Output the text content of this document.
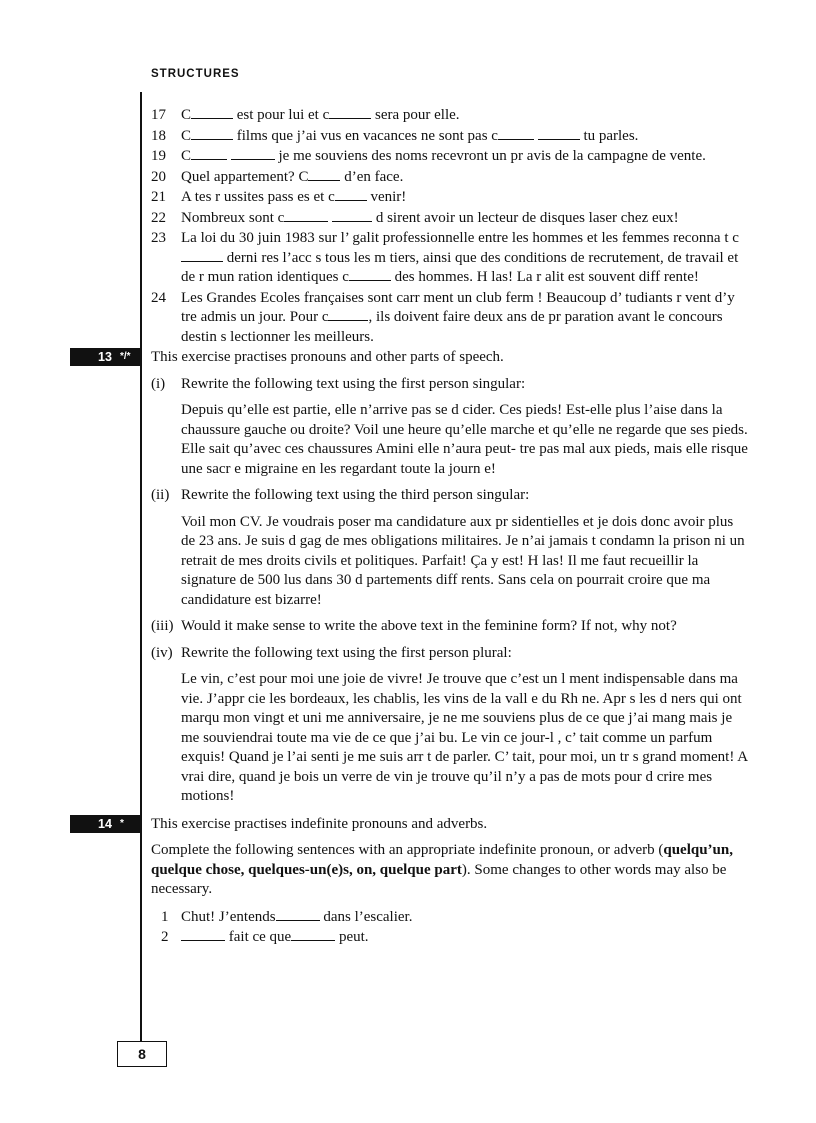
STRUCTURES
17	C	est pour lui et c	sera pour elle.
18	C	films que j’ai vus en vacances ne sont pas c	tu parles.
19	C	je me souviens des noms recevront un pr avis de la campagne de vente.
20	Quel appartement? C d’en face.
21	A tes r ussites pass es et c venir!
22	Nombreux sont c	d sirent avoir un lecteur de disques laser chez eux!
23	La loi du 30 juin 1983 sur l’ galit professionnelle entre les hommes et les femmes reconna t c derni res l’acc s tous les m tiers, ainsi que des conditions de recrutement, de travail et de r mun ration identiques c	des hommes. H las! La r alit est souvent diff rente!
24	Les Grandes Ecoles françaises sont carr ment un club ferm ! Beaucoup d’ tudiants r vent d’y tre admis un jour. Pour c	, ils doivent faire deux ans de pr paration avant le concours destin s lectionner les meilleurs.
13 */* This exercise practises pronouns and other parts of speech.
(i) Rewrite the following text using the first person singular:
Depuis qu’elle est partie, elle n’arrive pas se d cider. Ces pieds! Est-elle plus l’aise dans la chaussure gauche ou droite? Voil une heure qu’elle marche et qu’elle ne regarde que ses pieds. Elle sait qu’avec ces chaussures Amini elle n’aura peut- tre pas mal aux pieds, mais elle risque une sacr e migraine en les regardant toute la journ e!
(ii) Rewrite the following text using the third person singular:
Voil mon CV. Je voudrais poser ma candidature aux pr sidentielles et je dois donc avoir plus de 23 ans. Je suis d gag de mes obligations militaires. Je n’ai jamais t condamn la prison ni un retrait de mes droits civils et politiques. Parfait! Ça y est! H las! Il me faut recueillir la signature de 500 lus dans 30 d partements diff rents. Sans cela on pourrait croire que ma candidature est bizarre!
(iii) Would it make sense to write the above text in the feminine form? If not, why not?
(iv) Rewrite the following text using the first person plural:
Le vin, c’est pour moi une joie de vivre! Je trouve que c’est un l ment indispensable dans ma vie. J’appr cie les bordeaux, les chablis, les vins de la vall e du Rh ne. Apr s les d ners qui ont marqu mon vingt et uni me anniversaire, je ne me souviens plus de ce que j’ai mang mais je me souviendrai toute ma vie de ce que j’ai bu. Le vin ce jour-l , c’ tait comme un parfum exquis! Quand je l’ai senti je me suis arr t de parler. C’ tait, pour moi, un tr s grand moment! A vrai dire, quand je bois un verre de vin je trouve qu’il n’y a pas de mots pour d crire mes motions!
14 * This exercise practises indefinite pronouns and adverbs.
Complete the following sentences with an appropriate indefinite pronoun, or adverb (quelqu’un, quelque chose, quelques-un(e)s, on, quelque part). Some changes to other words may also be necessary.
1 Chut! J’entends	dans l’escalier.
2	fait ce que	peut.
8
